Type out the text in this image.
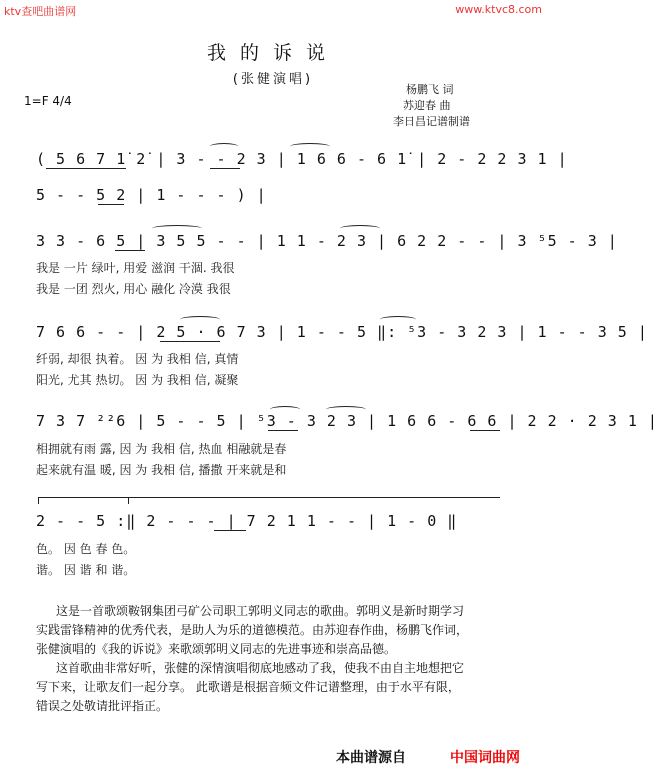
ktv查吧曲谱网	www.ktvc8.com
我的诉说
(张健演唱)
1=F 4/4
杨鹏飞 词
苏迎春 曲
李日昌记谱制谱
( 5 6 7 1̇ 2̇ | 3 - - 2 3 | 1 6 6 - 6 1̇ | 2 - 2 2 3 1 |
5 - - 5 2 | 1 - - - ) |
3 3 - 6 5 | 3 5 5 - - | 1 1 - 2 3 | 6 2 2 - - | 3 ⁵5 - 3 |
我是 一片 绿叶, 用爱 滋润 干涸. 我很
我是 一团 烈火, 用心 融化 冷漠 我很
7 6 6 - - | 2 5 · 6 7 3 | 1 - - 5 ‖: ⁵3 - 3 2 3 | 1 - - 3 5 |
纤弱, 却很 执着。 因 为 我相 信, 真情
阳光, 尤其 热切。 因 为 我相 信, 凝聚
7 3 7 ²²6 | 5 - - 5 | ⁵3 - 3 2 3 | 1 6 6 - 6 6 | 2 2 · 2 3 1 |
相拥就有雨 露, 因 为 我相 信, 热血 相融就是春
起来就有温 暖, 因 为 我相 信, 播撒 开来就是和
2 - - 5 :‖ 2 - - - | 7 2 1 1 - - | 1 - 0 ‖
色。 因 色 春 色。
谐。 因 谐 和 谐。
这是一首歌颂鞍钢集团弓矿公司职工郭明义同志的歌曲。郭明义是新时期学习
实践雷锋精神的优秀代表，是助人为乐的道德模范。由苏迎春作曲，杨鹏飞作词，
张健演唱的《我的诉说》来歌颂郭明义同志的先进事迹和崇高品德。
这首歌曲非常好听，张健的深情演唱彻底地感动了我，使我不由自主地想把它
写下来，让歌友们一起分享。 此歌谱是根据音频文件记谱整理，由于水平有限，
错误之处敬请批评指正。
本曲谱源自	中国词曲网
